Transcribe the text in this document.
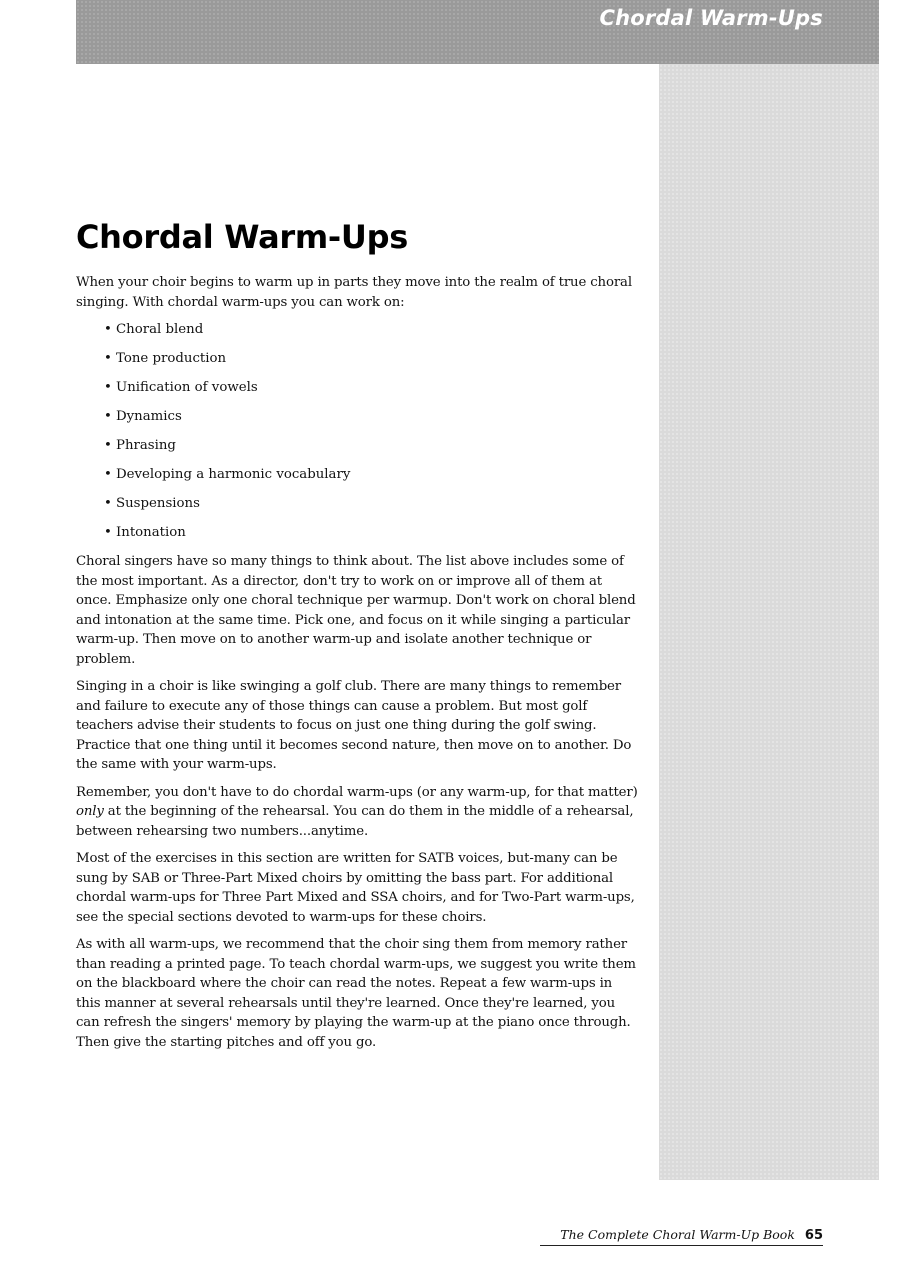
Chordal Warm-Ups
Chordal Warm-Ups

When your choir begins to warm up in parts they move into the realm of true choral singing. With chordal warm-ups you can work on:

• Choral blend
• Tone production
• Unification of vowels
• Dynamics
• Phrasing
• Developing a harmonic vocabulary
• Suspensions
• Intonation

Choral singers have so many things to think about. The list above includes some of the most important. As a director, don't try to work on or improve all of them at once. Emphasize only one choral technique per warmup. Don't work on choral blend and intonation at the same time. Pick one, and focus on it while singing a particular warm-up. Then move on to another warm-up and isolate another technique or problem.

Singing in a choir is like swinging a golf club. There are many things to remember and failure to execute any of those things can cause a problem. But most golf teachers advise their students to focus on just one thing during the golf swing. Practice that one thing until it becomes second nature, then move on to another. Do the same with your warm-ups.

Remember, you don't have to do chordal warm-ups (or any warm-up, for that matter) only at the beginning of the rehearsal. You can do them in the middle of a rehearsal, between rehearsing two numbers...anytime.

Most of the exercises in this section are written for SATB voices, but-many can be sung by SAB or Three-Part Mixed choirs by omitting the bass part. For additional chordal warm-ups for Three Part Mixed and SSA choirs, and for Two-Part warm-ups, see the special sections devoted to warm-ups for these choirs.

As with all warm-ups, we recommend that the choir sing them from memory rather than reading a printed page. To teach chordal warm-ups, we suggest you write them on the blackboard where the choir can read the notes. Repeat a few warm-ups in this manner at several rehearsals until they're learned. Once they're learned, you can refresh the singers' memory by playing the warm-up at the piano once through. Then give the starting pitches and off you go.

The Complete Choral Warm-Up Book 65
